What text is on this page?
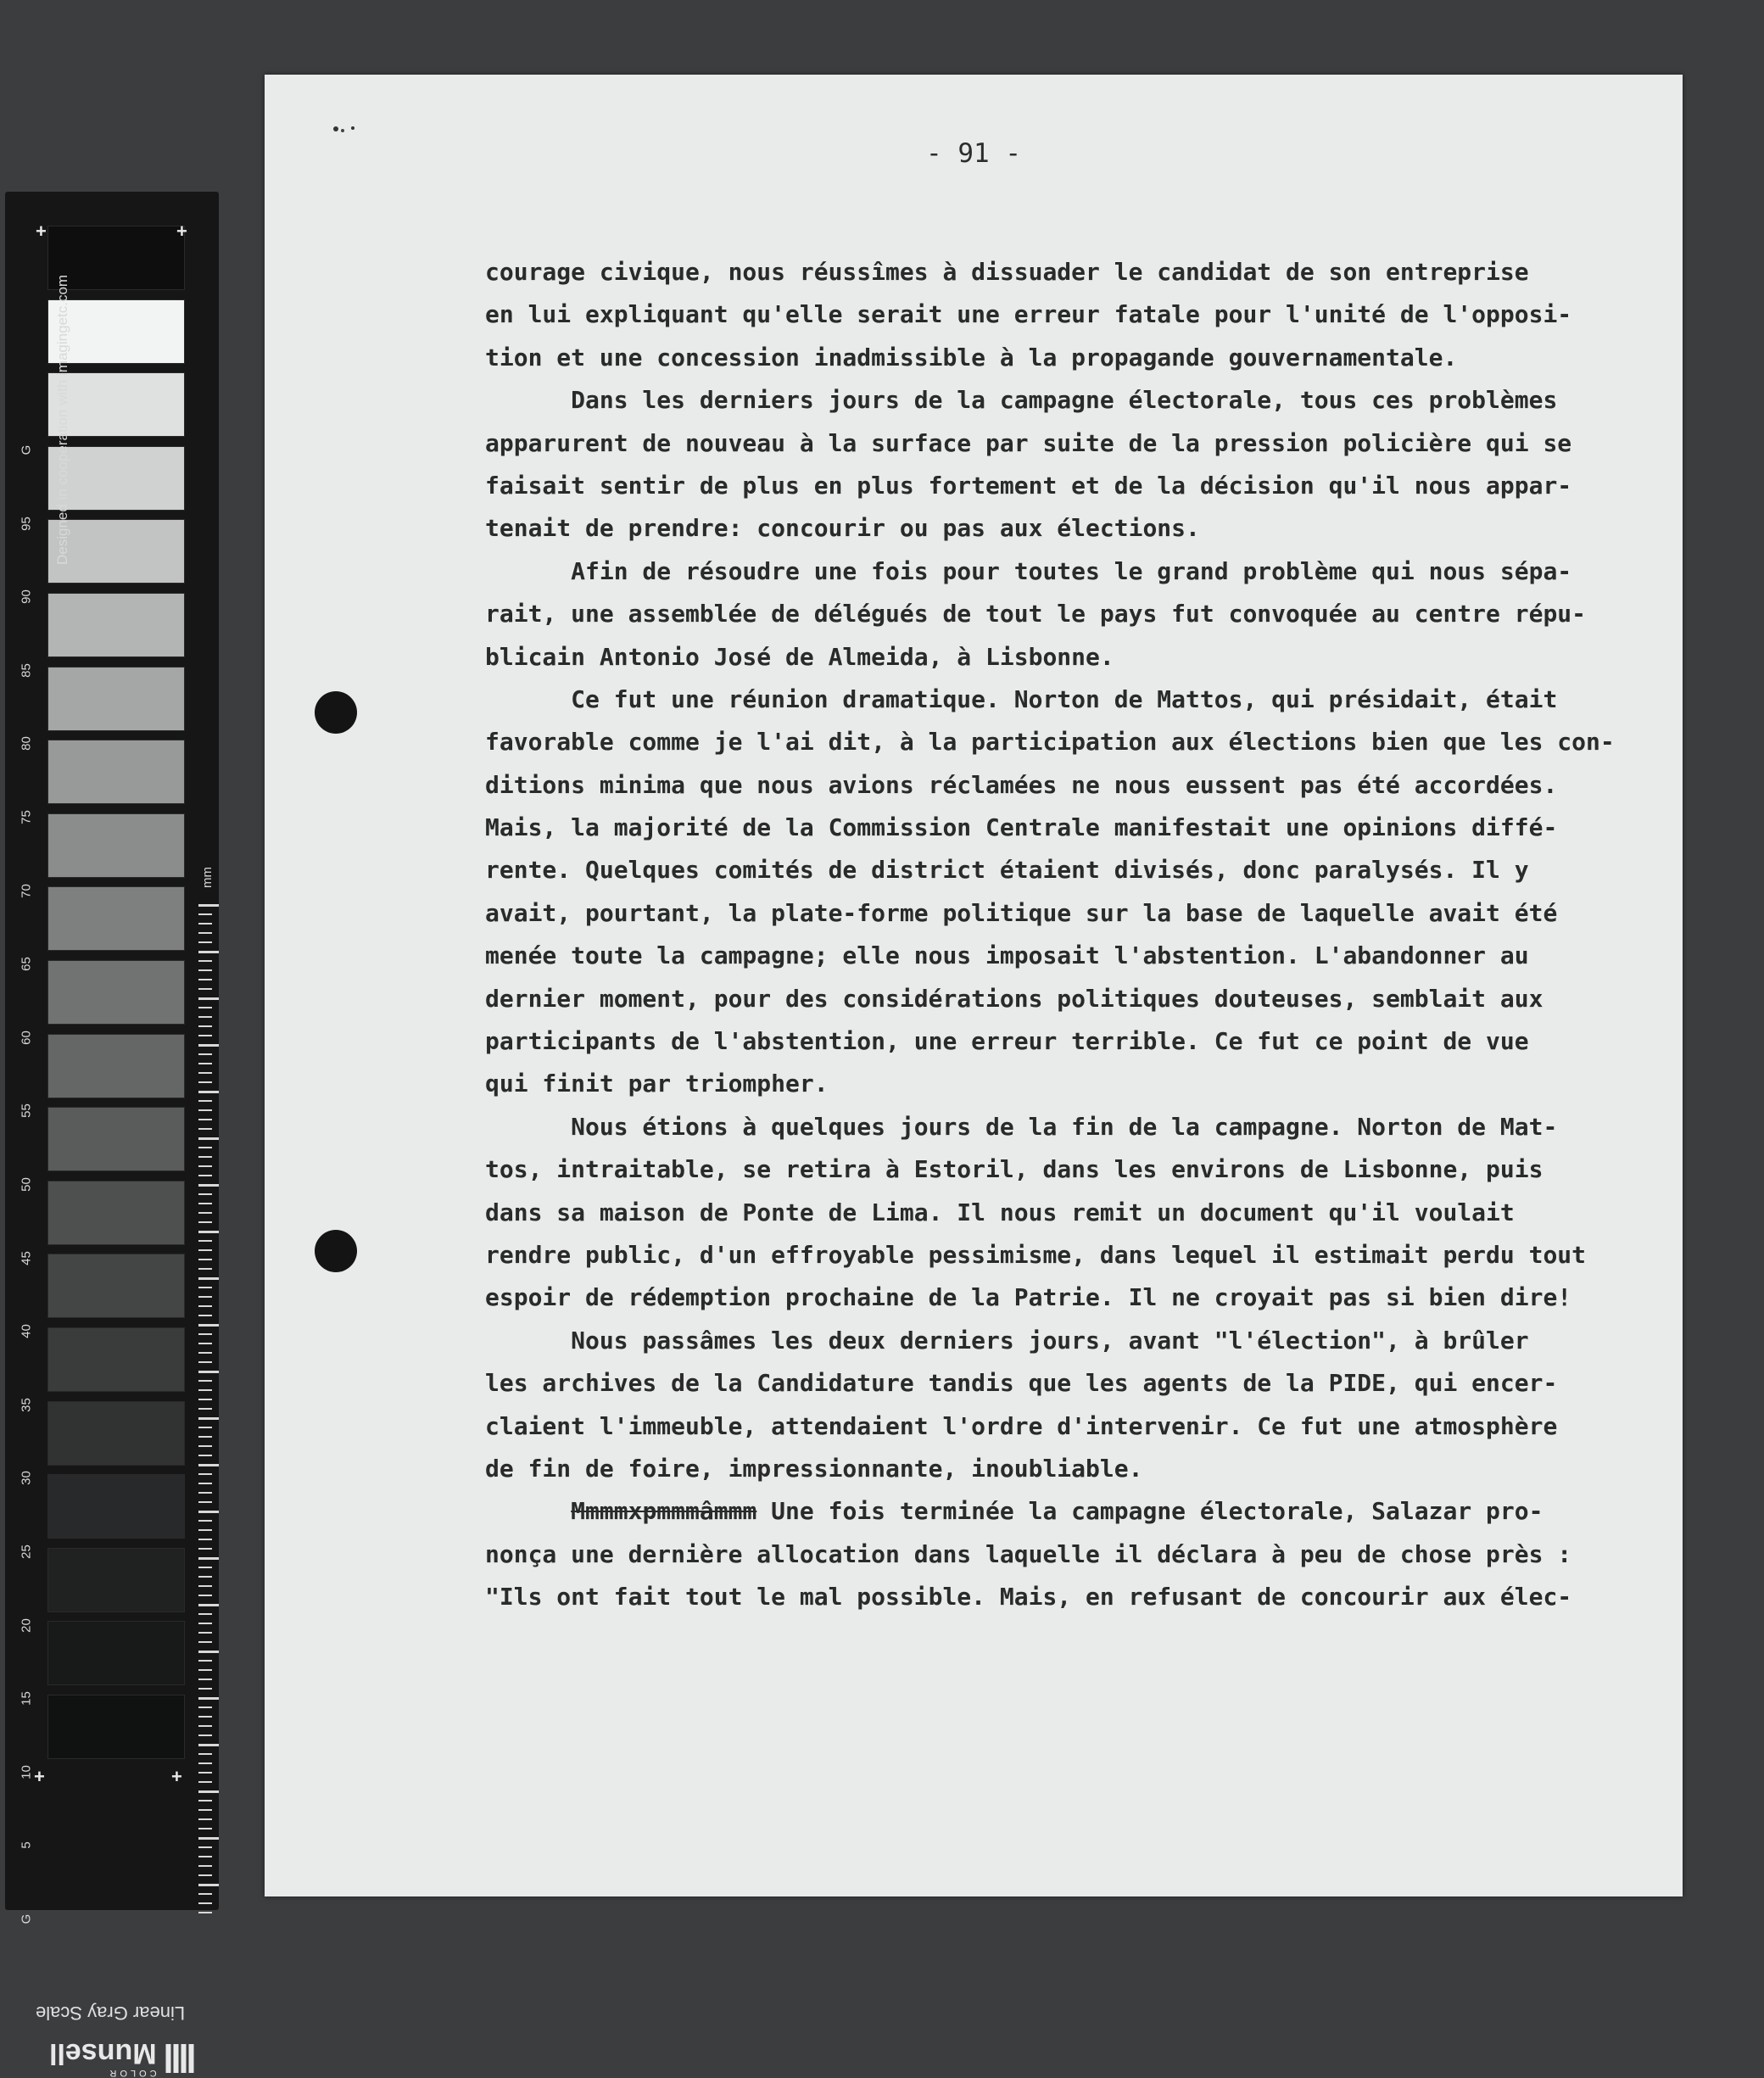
+	+
+	+
Designed in cooperation with imagingetc.com
mm
Linear Gray Scale
COLOR
Munsell
G
95
90
85
80
75
70
65
60
55
50
45
40
35
30
25
20
15
10
5
G
- 91 -
courage civique, nous réussîmes à dissuader le candidat de son entreprise
en lui expliquant qu'elle serait une erreur fatale pour l'unité de l'opposi-
tion et une concession inadmissible à la propagande gouvernamentale.
Dans les derniers jours de la campagne électorale, tous ces problèmes
apparurent de nouveau à la surface par suite de la pression policière qui se
faisait sentir de plus en plus fortement et de la décision qu'il nous appar-
tenait de prendre: concourir ou pas aux élections.
Afin de résoudre une fois pour toutes le grand problème qui nous sépa-
rait, une assemblée de délégués de tout le pays fut convoquée au centre répu-
blicain Antonio José de Almeida, à Lisbonne.
Ce fut une réunion dramatique. Norton de Mattos, qui présidait, était
favorable comme je l'ai dit, à la participation aux élections bien que les con-
ditions minima que nous avions réclamées ne nous eussent pas été accordées.
Mais, la majorité de la Commission Centrale manifestait une opinions diffé-
rente. Quelques comités de district étaient divisés, donc paralysés. Il y
avait, pourtant, la plate-forme politique sur la base de laquelle avait été
menée toute la campagne; elle nous imposait l'abstention. L'abandonner au
dernier moment, pour des considérations politiques douteuses, semblait aux
participants de l'abstention, une erreur terrible. Ce fut ce point de vue
qui finit par triompher.
Nous étions à quelques jours de la fin de la campagne. Norton de Mat-
tos, intraitable, se retira à Estoril, dans les environs de Lisbonne, puis
dans sa maison de Ponte de Lima. Il nous remit un document qu'il voulait
rendre public, d'un effroyable pessimisme, dans lequel il estimait perdu tout
espoir de rédemption prochaine de la Patrie. Il ne croyait pas si bien dire!
Nous passâmes les deux derniers jours, avant "l'élection", à brûler
les archives de la Candidature tandis que les agents de la PIDE, qui encer-
claient l'immeuble, attendaient l'ordre d'intervenir. Ce fut une atmosphère
de fin de foire, impressionnante, inoubliable.
Mmmmxpmmmâmmm Une fois terminée la campagne électorale, Salazar pro-
nonça une dernière allocation dans laquelle il déclara à peu de chose près :
"Ils ont fait tout le mal possible. Mais, en refusant de concourir aux élec-
